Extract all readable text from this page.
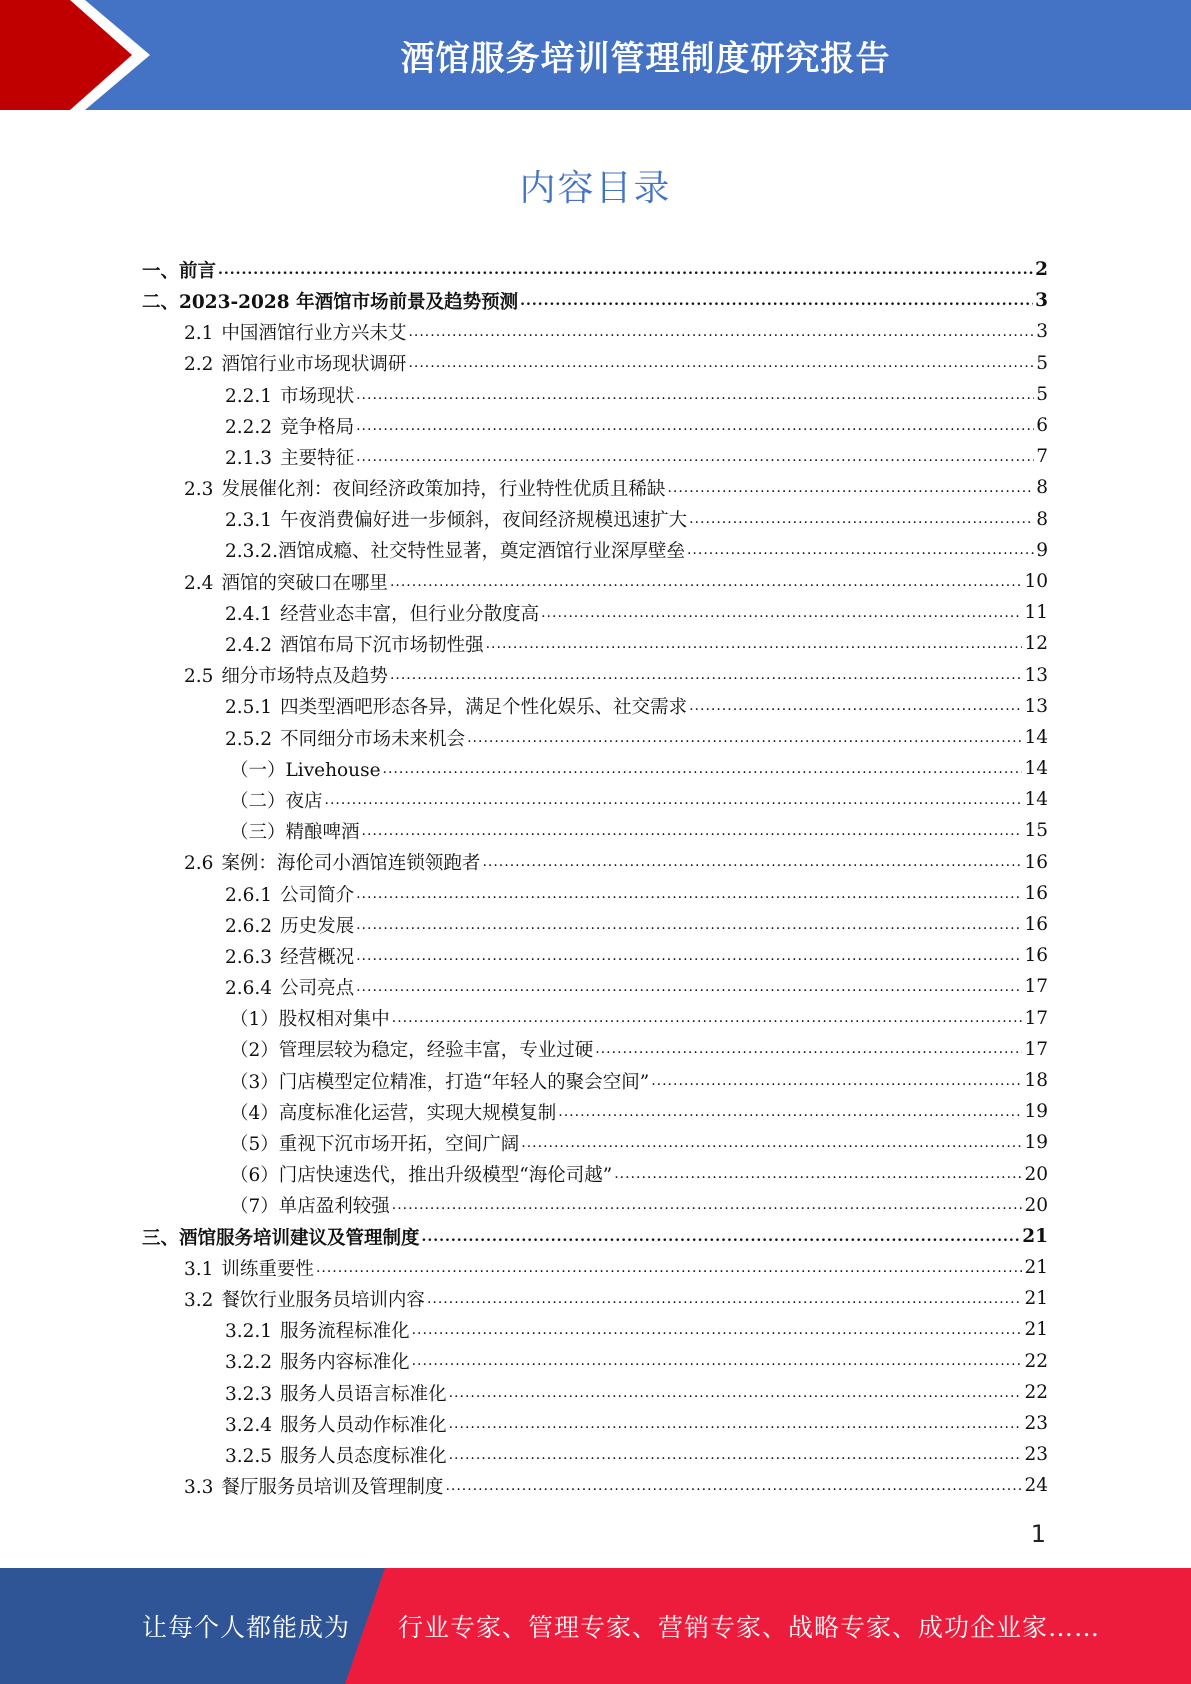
酒馆服务培训管理制度研究报告
内容目录
一、前言 .....	2
二、2023-2028 年酒馆市场前景及趋势预测 .....	3
2.1 中国酒馆行业方兴未艾 .....	3
2.2 酒馆行业市场现状调研 .....	5
2.2.1 市场现状 .....	5
2.2.2 竞争格局 .....	6
2.1.3 主要特征 .....	7
2.3 发展催化剂：夜间经济政策加持，行业特性优质且稀缺 .....	8
2.3.1 午夜消费偏好进一步倾斜，夜间经济规模迅速扩大 .....	8
2.3.2.酒馆成瘾、社交特性显著，奠定酒馆行业深厚壁垒 .....	9
2.4 酒馆的突破口在哪里 .....	10
2.4.1 经营业态丰富，但行业分散度高 .....	11
2.4.2 酒馆布局下沉市场韧性强 .....	12
2.5 细分市场特点及趋势 .....	13
2.5.1 四类型酒吧形态各异，满足个性化娱乐、社交需求 .....	13
2.5.2 不同细分市场未来机会 .....	14
（一）Livehouse .....	14
（二）夜店 .....	14
（三）精酿啤酒 .....	15
2.6 案例：海伦司小酒馆连锁领跑者 .....	16
2.6.1 公司简介 .....	16
2.6.2 历史发展 .....	16
2.6.3 经营概况 .....	16
2.6.4 公司亮点 .....	17
（1）股权相对集中 .....	17
（2）管理层较为稳定，经验丰富，专业过硬 .....	17
（3）门店模型定位精准，打造“年轻人的聚会空间” .....	18
（4）高度标准化运营，实现大规模复制 .....	19
（5）重视下沉市场开拓，空间广阔 .....	19
（6）门店快速迭代，推出升级模型“海伦司越” .....	20
（7）单店盈利较强 .....	20
三、酒馆服务培训建议及管理制度 .....	21
3.1 训练重要性 .....	21
3.2 餐饮行业服务员培训内容 .....	21
3.2.1 服务流程标准化 .....	21
3.2.2 服务内容标准化 .....	22
3.2.3 服务人员语言标准化 .....	22
3.2.4 服务人员动作标准化 .....	23
3.2.5 服务人员态度标准化 .....	23
3.3 餐厅服务员培训及管理制度 .....	24
1
让每个人都能成为 行业专家、管理专家、营销专家、战略专家、成功企业家……
